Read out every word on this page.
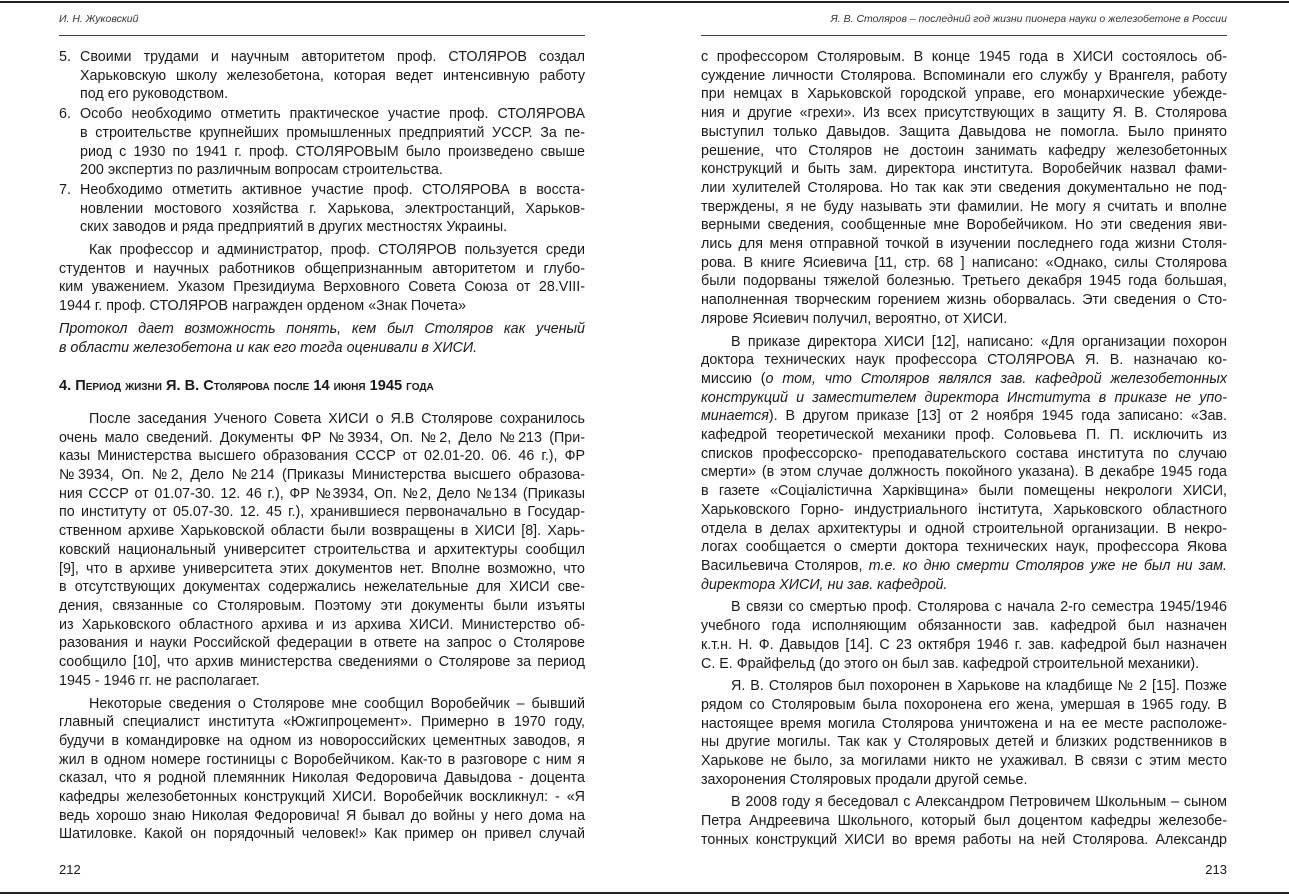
И. Н. Жуковский
5. Своими трудами и научным авторитетом проф. СТОЛЯРОВ создал
Харьковскую школу железобетона, которая ведет интенсивную работу
под его руководством.
6. Особо необходимо отметить практическое участие проф. СТОЛЯРОВА
в строительстве крупнейших промышленных предприятий УССР. За пе-
риод с 1930 по 1941 г. проф. СТОЛЯРОВЫМ было произведено свыше
200 экспертиз по различным вопросам строительства.
7. Необходимо отметить активное участие проф. СТОЛЯРОВА в восста-
новлении мостового хозяйства г. Харькова, электростанций, Харьков-
ских заводов и ряда предприятий в других местностях Украины.
Как профессор и администратор, проф. СТОЛЯРОВ пользуется среди
студентов и научных работников общепризнанным авторитетом и глубо-
ким уважением. Указом Президиума Верховного Совета Союза от 28.VIII-
1944 г. проф. СТОЛЯРОВ награжден орденом «Знак Почета»
Протокол дает возможность понять, кем был Столяров как ученый
в области железобетона и как его тогда оценивали в ХИСИ.
4. Период жизни Я. В. Столярова после 14 июня 1945 года
После заседания Ученого Совета ХИСИ о Я.В Столярове сохранилось
очень мало сведений. Документы ФР №3934, Оп. №2, Дело №213 (При-
казы Министерства высшего образования СССР от 02.01-20. 06. 46 г.), ФР
№3934, Оп. №2, Дело №214 (Приказы Министерства высшего образова-
ния СССР от 01.07-30. 12. 46 г.), ФР №3934, Оп. №2, Дело №134 (Приказы
по институту от 05.07-30. 12. 45 г.), хранившиеся первоначально в Государ-
ственном архиве Харьковской области были возвращены в ХИСИ [8]. Харь-
ковский национальный университет строительства и архитектуры сообщил
[9], что в архиве университета этих документов нет. Вполне возможно, что
в отсутствующих документах содержались нежелательные для ХИСИ све-
дения, связанные со Столяровым. Поэтому эти документы были изъяты
из Харьковского областного архива и из архива ХИСИ. Министерство об-
разования и науки Российской федерации в ответе на запрос о Столярове
сообщило [10], что архив министерства сведениями о Столярове за период
1945 - 1946 гг. не располагает.
Некоторые сведения о Столярове мне сообщил Воробейчик – бывший
главный специалист института «Южгипроцемент». Примерно в 1970 году,
будучи в командировке на одном из новороссийских цементных заводов, я
жил в одном номере гостиницы с Воробейчиком. Как-то в разговоре с ним я
сказал, что я родной племянник Николая Федоровича Давыдова - доцента
кафедры железобетонных конструкций ХИСИ. Воробейчик воскликнул: - «Я
ведь хорошо знаю Николая Федоровича! Я бывал до войны у него дома на
Шатиловке. Какой он порядочный человек!» Как пример он привел случай
212
Я. В. Столяров – последний год жизни пионера науки о железобетоне в России
с профессором Столяровым. В конце 1945 года в ХИСИ состоялось об-
суждение личности Столярова. Вспоминали его службу у Врангеля, работу
при немцах в Харьковской городской управе, его монархические убежде-
ния и другие «грехи». Из всех присутствующих в защиту Я. В. Столярова
выступил только Давыдов. Защита Давыдова не помогла. Было принято
решение, что Столяров не достоин занимать кафедру железобетонных
конструкций и быть зам. директора института. Воробейчик назвал фами-
лии хулителей Столярова. Но так как эти сведения документально не под-
тверждены, я не буду называть эти фамилии. Не могу я считать и вполне
верными сведения, сообщенные мне Воробейчиком. Но эти сведения яви-
лись для меня отправной точкой в изучении последнего года жизни Столя-
рова. В книге Ясиевича [11, стр. 68 ] написано: «Однако, силы Столярова
были подорваны тяжелой болезнью. Третьего декабря 1945 года большая,
наполненная творческим горением жизнь оборвалась. Эти сведения о Сто-
лярове Ясиевич получил, вероятно, от ХИСИ.
В приказе директора ХИСИ [12], написано: «Для организации похорон
доктора технических наук профессора СТОЛЯРОВА Я. В. назначаю ко-
миссию (о том, что Столяров являлся зав. кафедрой железобетонных
конструкций и заместителем директора Института в приказе не упо-
минается). В другом приказе [13] от 2 ноября 1945 года записано: «Зав.
кафедрой теоретической механики проф. Соловьева П. П. исключить из
списков профессорско- преподавательского состава института по случаю
смерти» (в этом случае должность покойного указана). В декабре 1945 года
в газете «Соціалістична Харківщина» были помещены некрологи ХИСИ,
Харьковского Горно- индустриального інститута, Харьковского областного
отдела в делах архитектуры и одной строительной организации. В некро-
логах сообщается о смерти доктора технических наук, профессора Якова
Васильевича Столяров, т.е. ко дню смерти Столяров уже не был ни зам.
директора ХИСИ, ни зав. кафедрой.
В связи со смертью проф. Столярова с начала 2-го семестра 1945/1946
учебного года исполняющим обязанности зав. кафедрой был назначен
к.т.н. Н. Ф. Давыдов [14]. С 23 октября 1946 г. зав. кафедрой был назначен
С. Е. Фрайфельд (до этого он был зав. кафедрой строительной механики).
Я. В. Столяров был похоронен в Харькове на кладбище № 2 [15]. Позже
рядом со Столяровым была похоронена его жена, умершая в 1965 году. В
настоящее время могила Столярова уничтожена и на ее месте расположе-
ны другие могилы. Так как у Столяровых детей и близких родственников в
Харькове не было, за могилами никто не ухаживал. В связи с этим место
захоронения Столяровых продали другой семье.
В 2008 году я беседовал с Александром Петровичем Школьным – сыном
Петра Андреевича Школьного, который был доцентом кафедры железобе-
тонных конструкций ХИСИ во время работы на ней Столярова. Александр
213
